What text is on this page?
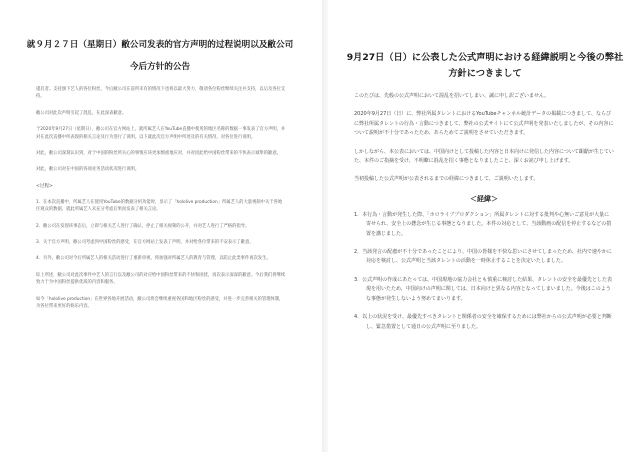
就９月２７日（星期日）敝公司发表的官方声明的过程说明以及敝公司今后方针的公告

谨启者。支持旗下艺人的各位粉丝，今后敝公司在前所未有的情况下也将以最大努力，敬请各位粉丝继续关注并支持，以后及各位支持。

敝公司对此次声明引起了混乱，在此深表歉意。

于2020年9月27日（星期日），敝公司在官方网站上，就所属艺人在YouTube直播中使用的地区名称的数据一事发表了官方声明，并对在此次直播中所表现的相关言论及行为进行了说明。以下就此次官方声明中所述及的有关情况，对各位进行说明。

对此，敝公司深刻认识到，对于中国的粉丝所关心的事情应该更加慎重地应对，并对因此给中国粉丝带来的不快表示诚挚的歉意。

对此，敝公司对在中国的各项业务活动状况进行说明。

<过程>

1．在本次直播中，所属艺人在使用YouTube的数据分析功能时，显示了「hololive production」所属艺人的大量视频中关于各地区观众的数据，就此所属艺人未充分考虑后果而发表了相关言论。

2．敝公司在发现该事态后，立即与相关艺人进行了确认，停止了相关视频的公开，并对艺人进行了严格的指导。

3．关于官方声明，敝公司考虑到中国粉丝的感受，在官方网站上发表了声明，并对给各位带来的不安表示了歉意。

4．另外，敝公司对今后所属艺人的相关活动进行了重新审视，将加强对所属艺人的教育与管理，以防止此类事件再次发生。

综上所述，敝公司对此次事件中艺人的言行以及敝公司的对应给中国粉丝带来的不快和困扰，再次表示深深的歉意。今后我们将继续致力于为中国粉丝提供优质的内容和服务。

如今「hololive production」在世界各地开展活动，敝公司将会继续重视各国和地区粉丝的感受，并进一步完善相关的管理体制，为各位带来更好的娱乐内容。

9月27日（日）に公表した公式声明における経緯説明と今後の弊社方針につきまして

このたびは、先般の公式声明において混乱を招いてしまい、誠に申し訳ございません。

2020年9月27日（日）に、弊社所属タレントにおけるYouTubeチャンネル統計データの掲載につきまして、ならびに弊社所属タレントの行為・言動につきまして、弊社の公式サイトにて公式声明を発表いたしましたが、その内容について説明が不十分であったため、あらためてご説明をさせていただきます。

しかしながら、本公表においては、中国向けとして投稿した内容と日本向けに発信した内容について齟齬が生じていた、本件のご指摘を受け、不明瞭に混乱を招く事態となりましたこと、深くお詫び申し上げます。

当初投稿した公式声明が公表されるまでの経緯につきまして、ご説明いたします。

＜経緯＞

1．本行為・言動が発生した際、「ホロライブプロダクション」所属タレントに対する批判や心無いご意見が大量に寄せられ、安全上の懸念が生じる事態となりました。本件の対応として、当該動画の配信を停止するなどの措置を講じました。

2．当該発言の配慮が不十分であったことにより、中国の皆様を不快な思いにさせてしまったため、社内で速やかに対応を検討し、公式声明と当該タレントの活動を一時休止することを決定いたしました。

3．公式声明の作成にあたっては、中国現地の協力会社とも慎重に検討した結果、タレントの安全を最優先とした表現を用いたため、中国向けの声明に関しては、日本向けと異なる内容となってしまいました。今後はこのような事態が発生しないよう努めてまいります。

4．以上の状況を受け、最優先すべきタレントと関係者の安全を確保するためには弊社からの公式声明が必要と判断し、緊急措置として通日の公式声明に至りました。
